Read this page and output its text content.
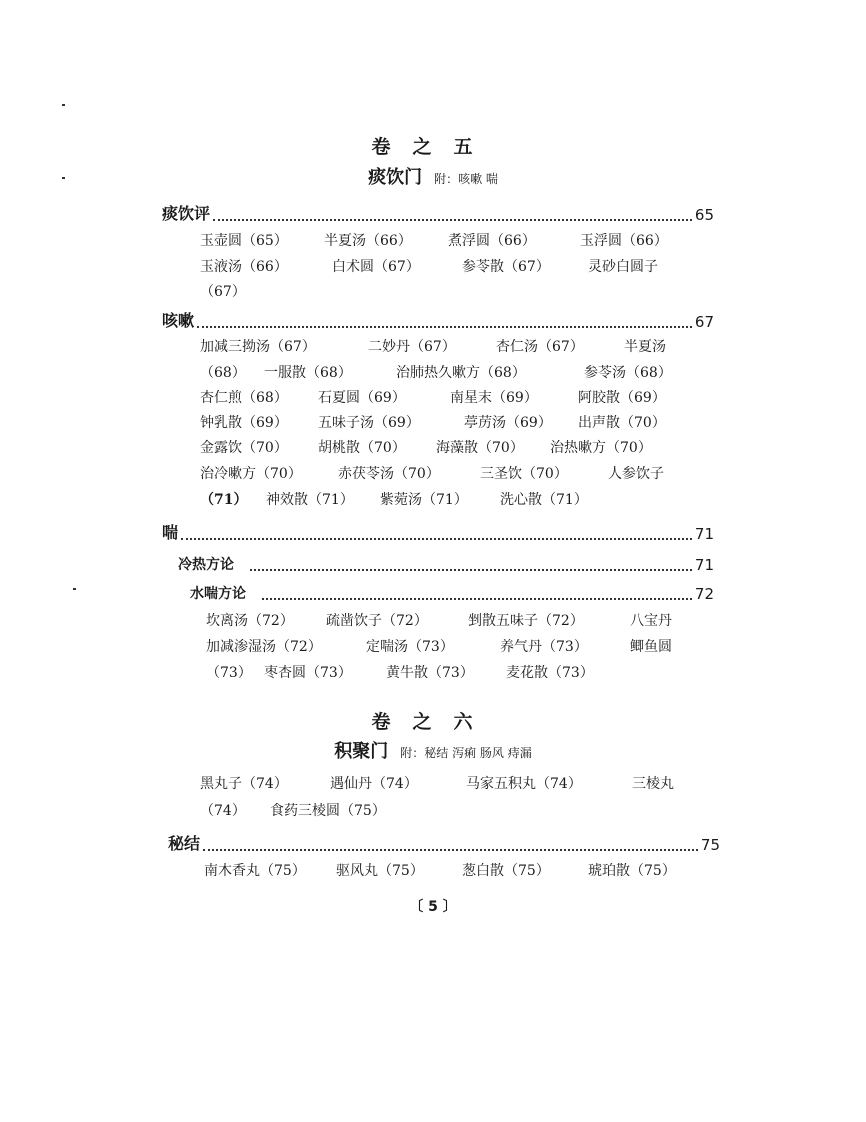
卷之五
痰饮门 附：咳嗽 喘
痰饮评	65
玉壶圆（65）	半夏汤（66）	煮浮圆（66）	玉浮圆（66）
玉液汤（66）	白术圆（67）	参苓散（67）	灵砂白圆子
（67）
咳嗽	67
加减三拗汤（67）	二妙丹（67）	杏仁汤（67）	半夏汤
（68） 一服散（68）	治肺热久嗽方（68）	参苓汤（68）
杏仁煎（68） 石夏圆（69）	南星末（69）	阿胶散（69）
钟乳散（69） 五味子汤（69）	葶苈汤（69） 出声散（70）
金露饮（70） 胡桃散（70） 海藻散（70） 治热嗽方（70）
治冷嗽方（70）	赤茯苓汤（70）	三圣饮（70）	人参饮子
（71） 神效散（71） 紫菀汤（71） 洗心散（71）
喘	71
冷热方论	71
水喘方论	72
坎离汤（72） 疏凿饮子（72）	剉散五味子（72）	八宝丹
加减渗湿汤（72）	定喘汤（73）	养气丹（73）	鲫鱼圆
（73） 枣杏圆（73） 黄牛散（73） 麦花散（73）
卷之六
积聚门 附：秘结 泻痢 肠风 痔漏
黑丸子（74）	遇仙丹（74）	马家五积丸（74）	三棱丸
（74） 食药三棱圆（75）
秘结	75
南木香丸（75） 驱风丸（75）	葱白散（75）	琥珀散（75）
〔 5 〕
